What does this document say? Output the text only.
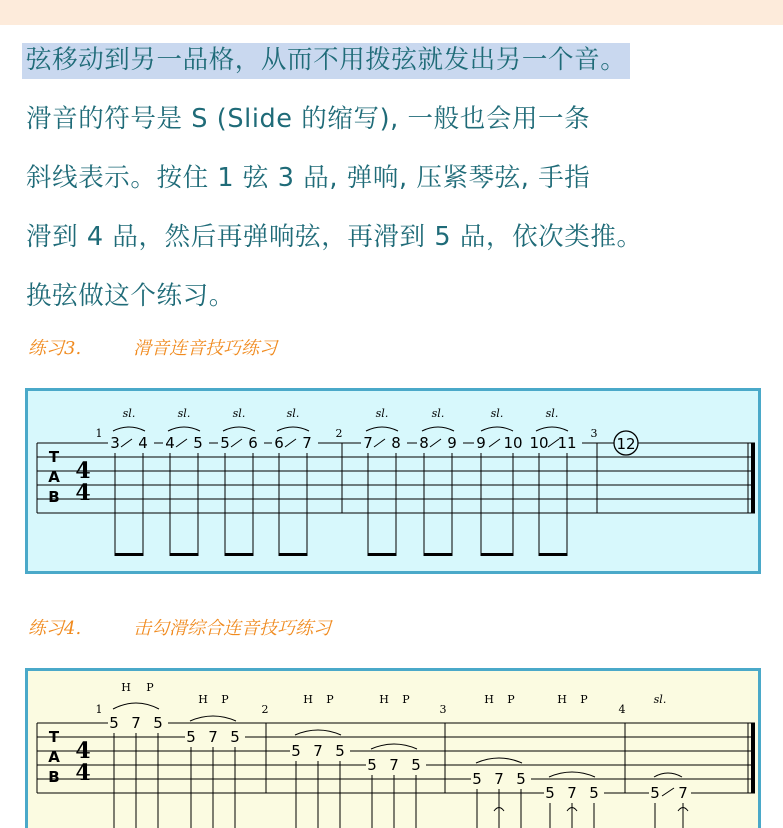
弦移动到另一品格，从而不用拨弦就发出另一个音。
滑音的符号是 S (Slide 的缩写), 一般也会用一条
斜线表示。按住 1 弦 3 品, 弹响, 压紧琴弦, 手指
滑到 4 品，然后再弹响弦，再滑到 5 品，依次类推。
换弦做这个练习。
练习3.	滑音连音技巧练习
T
A
B
4
4
1	2	3
sl.	sl.	sl.	sl.	sl.	sl.	sl.	sl.
3 4 4 5 5 6 6 7	7 8 8 9 9 10 10 11	12
练习4.	击勾滑综合连音技巧练习
T
A
B
4
4
1	2	3	4
H P
H P	H P	H P	H P	H P	sl.
5 7 5
5 7 5
5 7 5
5 7 5
5 7 5
5 7 5	5 7
